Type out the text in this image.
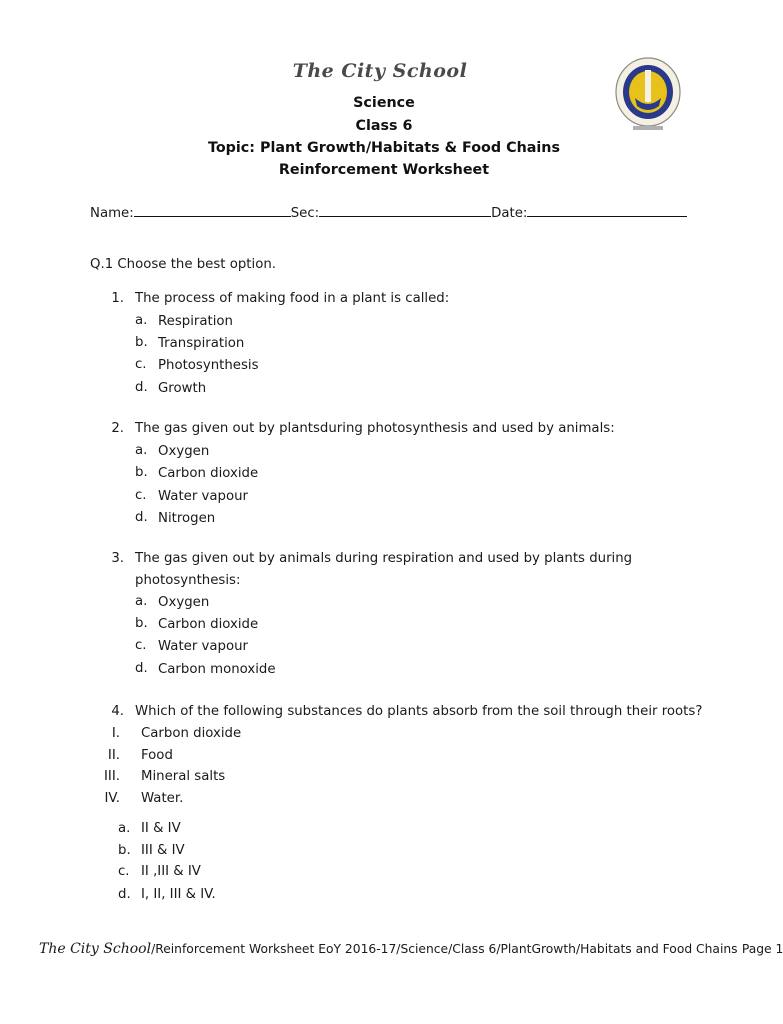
The City School
Science
Class 6
Topic: Plant Growth/Habitats & Food Chains
Reinforcement Worksheet
Name:	Sec:	Date:
Q.1 Choose the best option.
1. The process of making food in a plant is called:
a. Respiration
b. Transpiration
c. Photosynthesis
d. Growth
2. The gas given out by plantsduring photosynthesis and used by animals:
a. Oxygen
b. Carbon dioxide
c. Water vapour
d. Nitrogen
3. The gas given out by animals during respiration and used by plants during
photosynthesis:
a. Oxygen
b. Carbon dioxide
c. Water vapour
d. Carbon monoxide
4. Which of the following substances do plants absorb from the soil through their roots?
I. Carbon dioxide
II. Food
III. Mineral salts
IV. Water.
a. II & IV
b. III & IV
c. II ,III & IV
d. I, II, III & IV.
The City School/Reinforcement Worksheet EoY 2016-17/Science/Class 6/PlantGrowth/Habitats and Food Chains Page 1
